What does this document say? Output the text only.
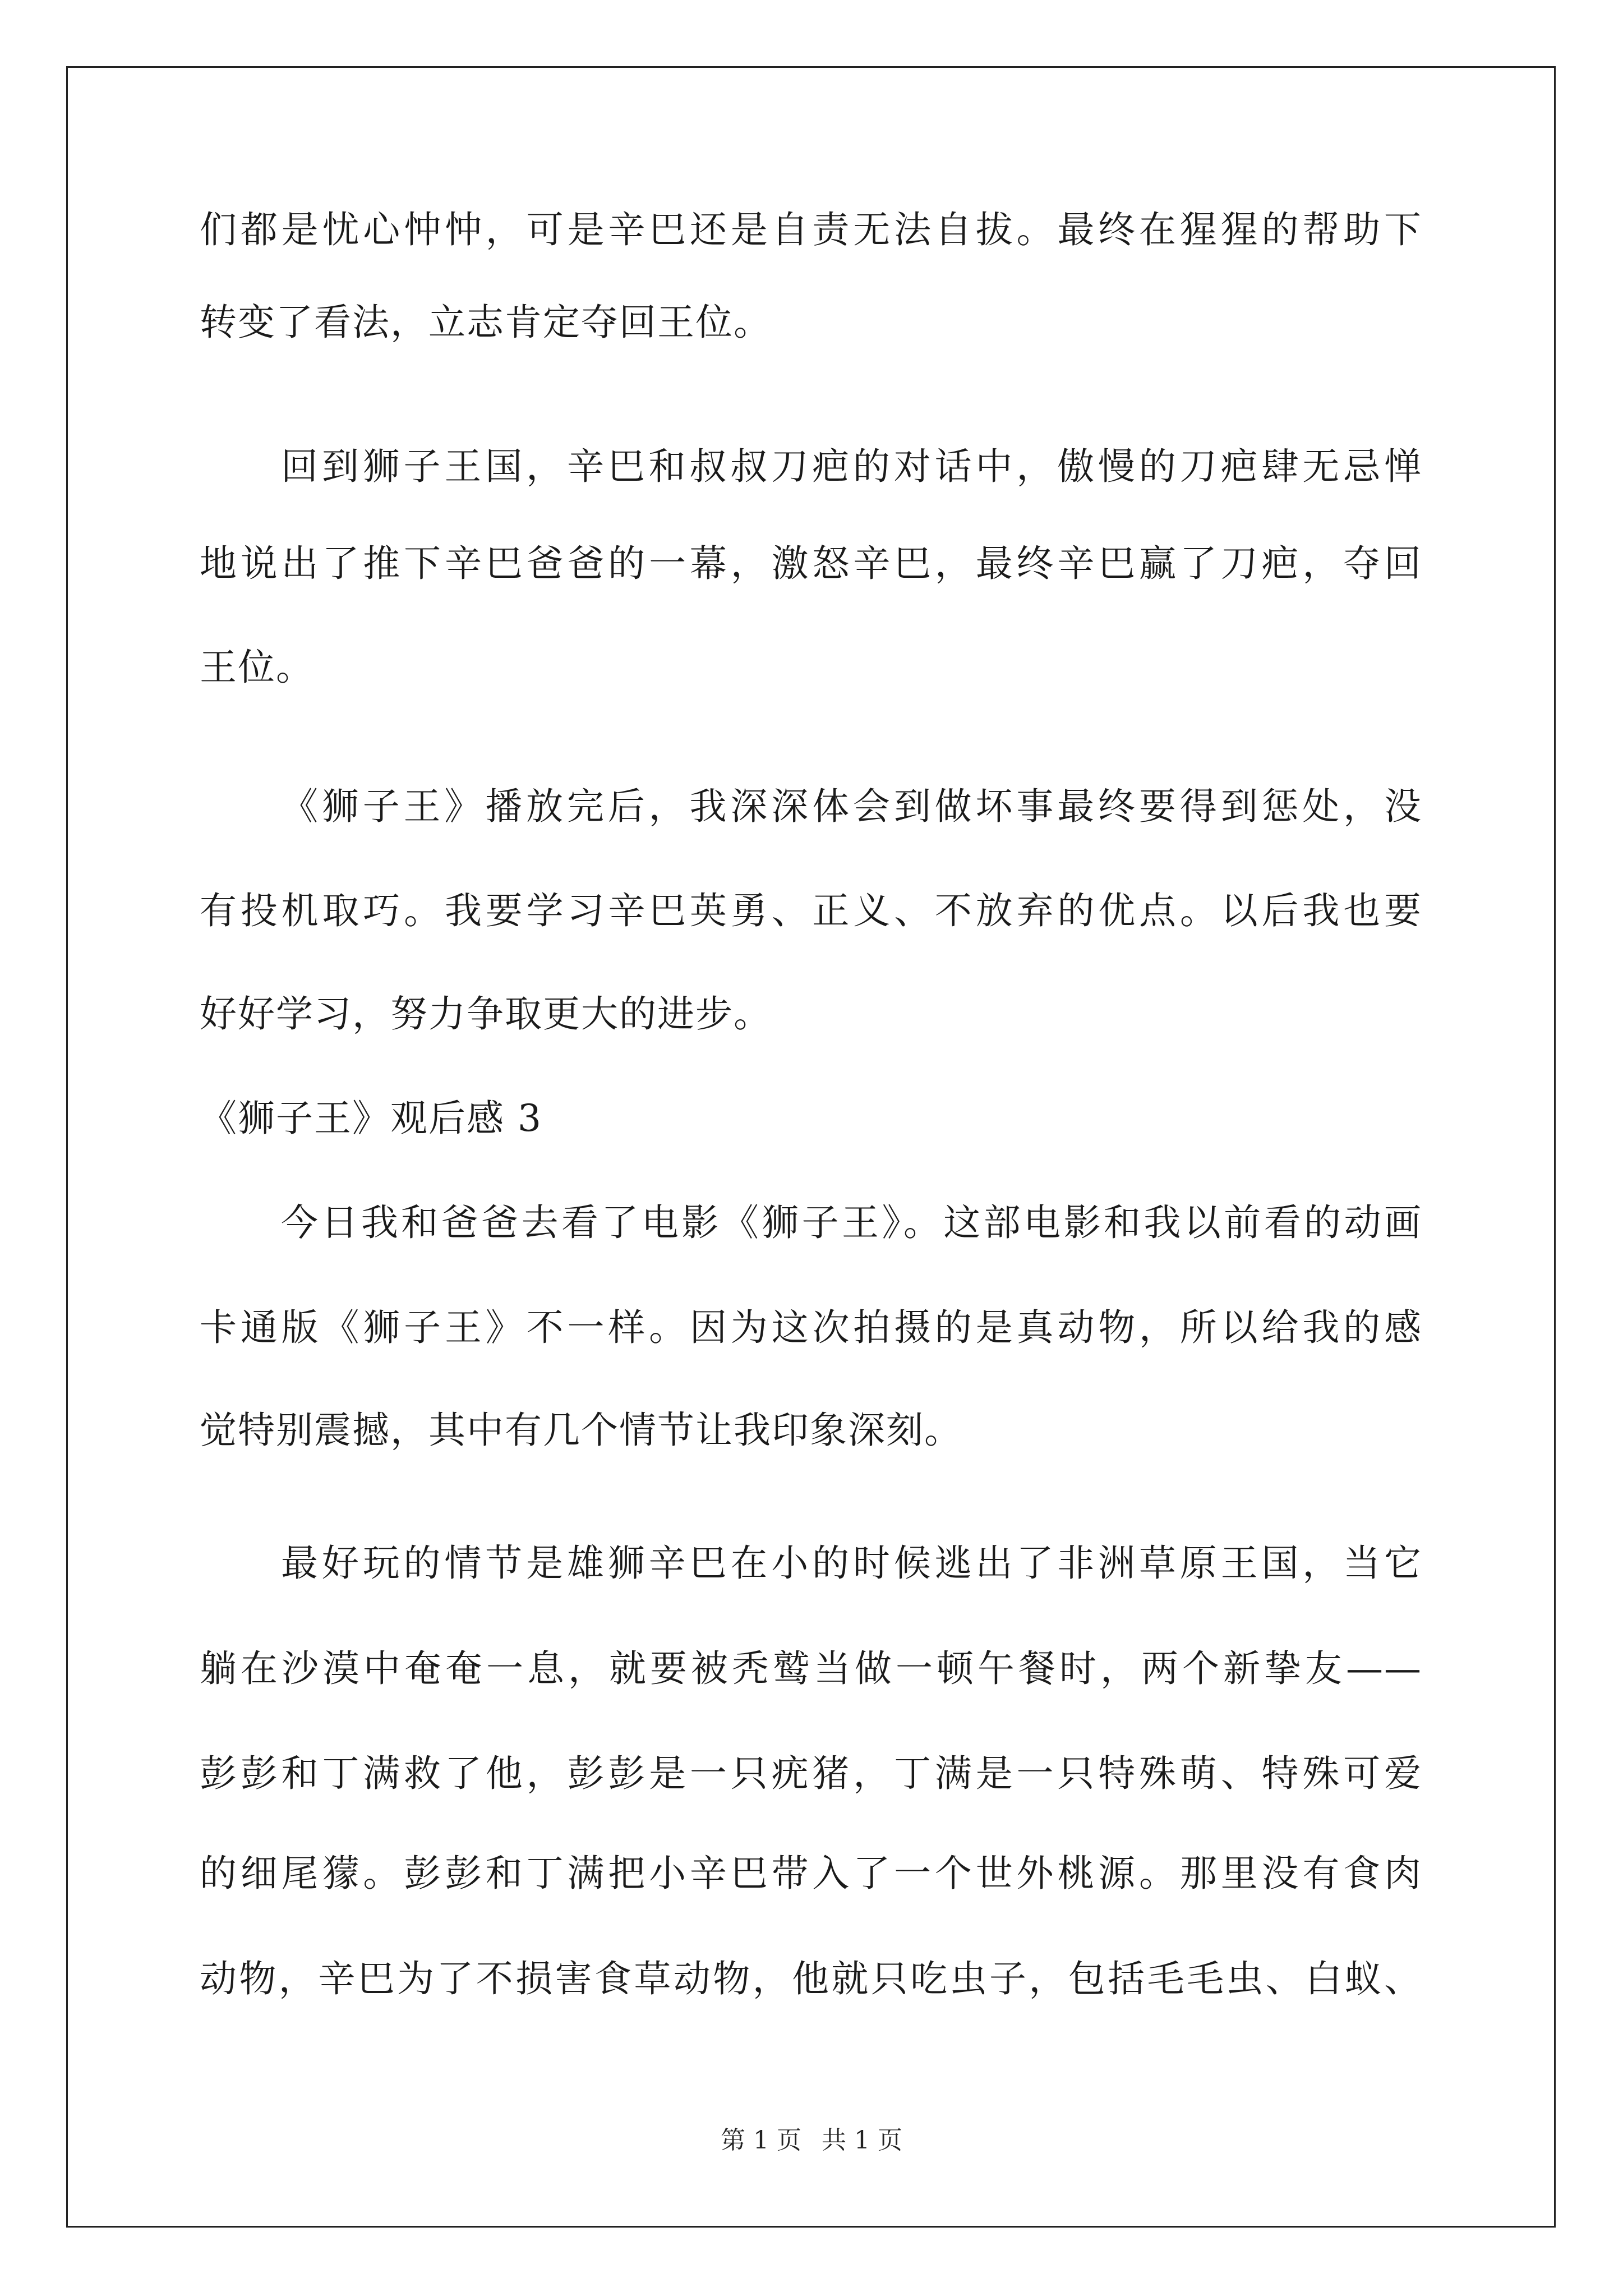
们都是忧心忡忡，可是辛巴还是自责无法自拔。最终在猩猩的帮助下
转变了看法，立志肯定夺回王位。
回到狮子王国，辛巴和叔叔刀疤的对话中，傲慢的刀疤肆无忌惮
地说出了推下辛巴爸爸的一幕，激怒辛巴，最终辛巴赢了刀疤，夺回
王位。
《狮子王》播放完后，我深深体会到做坏事最终要得到惩处，没
有投机取巧。我要学习辛巴英勇、正义、不放弃的优点。以后我也要
好好学习，努力争取更大的进步。
《狮子王》观后感 3
今日我和爸爸去看了电影《狮子王》。这部电影和我以前看的动画
卡通版《狮子王》不一样。因为这次拍摄的是真动物，所以给我的感
觉特别震撼，其中有几个情节让我印象深刻。
最好玩的情节是雄狮辛巴在小的时候逃出了非洲草原王国，当它
躺在沙漠中奄奄一息，就要被秃鹫当做一顿午餐时，两个新挚友——
彭彭和丁满救了他，彭彭是一只疣猪，丁满是一只特殊萌、特殊可爱
的细尾獴。彭彭和丁满把小辛巴带入了一个世外桃源。那里没有食肉
动物，辛巴为了不损害食草动物，他就只吃虫子，包括毛毛虫、白蚁、
第 1 页 共 1 页
